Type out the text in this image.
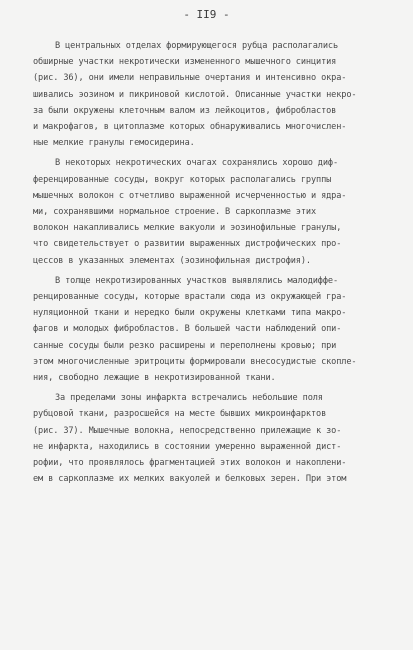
- II9 -
В центральных отделах формирующегося рубца располагались
обширные участки некротически измененного мышечного синцития
(рис. 36), они имели неправильные очертания и интенсивно окра-
шивались эозином и пикриновой кислотой. Описанные участки некро-
за были окружены клеточным валом из лейкоцитов, фибробластов
и макрофагов, в цитоплазме которых обнаруживались многочислен-
ные мелкие гранулы гемосидерина.
В некоторых некротических очагах сохранялись хорошо диф-
ференцированные сосуды, вокруг которых располагались группы
мышечных волокон с отчетливо выраженной исчерченностью и ядра-
ми, сохранявшими нормальное строение. В саркоплазме этих
волокон накапливались мелкие вакуоли и эозинофильные гранулы,
что свидетельствует о развитии выраженных дистрофических про-
цессов в указанных элементах (эозинофильная дистрофия).
В толще некротизированных участков выявлялись малодиффе-
ренцированные сосуды, которые врастали сюда из окружающей гра-
нуляционной ткани и нередко были окружены клетками типа макро-
фагов и молодых фибробластов. В большей части наблюдений опи-
санные сосуды были резко расширены и переполнены кровью; при
этом многочисленные эритроциты формировали внесосудистые скопле-
ния, свободно лежащие в некротизированной ткани.
За пределами зоны инфаркта встречались небольшие поля
рубцовой ткани, разросшейся на месте бывших микроинфарктов
(рис. 37). Мышечные волокна, непосредственно прилежащие к зо-
не инфаркта, находились в состоянии умеренно выраженной дист-
рофии, что проявлялось фрагментацией этих волокон и накоплени-
ем в саркоплазме их мелких вакуолей и белковых зерен. При этом
